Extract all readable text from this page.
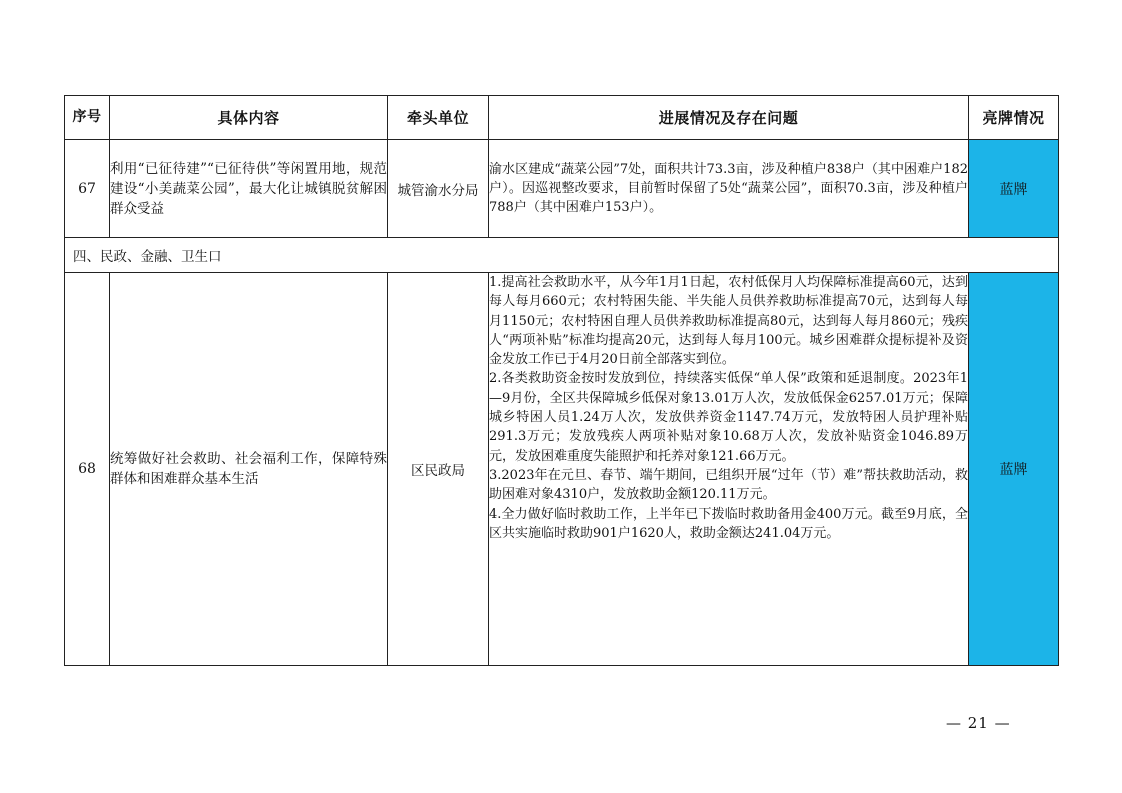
序号	具体内容	牵头单位	进展情况及存在问题	亮牌情况
67	利用“已征待建”“已征待供”等闲置用地，规范建设“小美蔬菜公园”，最大化让城镇脱贫解困群众受益	城管渝水分局	渝水区建成“蔬菜公园”7处，面积共计73.3亩，涉及种植户838户（其中困难户182户）。因巡视整改要求，目前暂时保留了5处“蔬菜公园”，面积70.3亩，涉及种植户788户（其中困难户153户）。	蓝牌
四、民政、金融、卫生口				
68	统筹做好社会救助、社会福利工作，保障特殊群体和困难群众基本生活	区民政局	1.提高社会救助水平，从今年1月1日起，农村低保月人均保障标准提高60元，达到每人每月660元；农村特困失能、半失能人员供养救助标准提高70元，达到每人每月1150元；农村特困自理人员供养救助标准提高80元，达到每人每月860元；残疾人“两项补贴”标准均提高20元，达到每人每月100元。城乡困难群众提标提补及资金发放工作已于4月20日前全部落实到位。
2.各类救助资金按时发放到位，持续落实低保“单人保”政策和延退制度。2023年1—9月份，全区共保障城乡低保对象13.01万人次，发放低保金6257.01万元；保障城乡特困人员1.24万人次，发放供养资金1147.74万元，发放特困人员护理补贴291.3万元；发放残疾人两项补贴对象10.68万人次，发放补贴资金1046.89万元，发放困难重度失能照护和托养对象121.66万元。
3.2023年在元旦、春节、端午期间，已组织开展“过年（节）难”帮扶救助活动，救助困难对象4310户，发放救助金额120.11万元。
4.全力做好临时救助工作，上半年已下拨临时救助备用金400万元。截至9月底，全区共实施临时救助901户1620人，救助金额达241.04万元。	蓝牌
— 21 —
